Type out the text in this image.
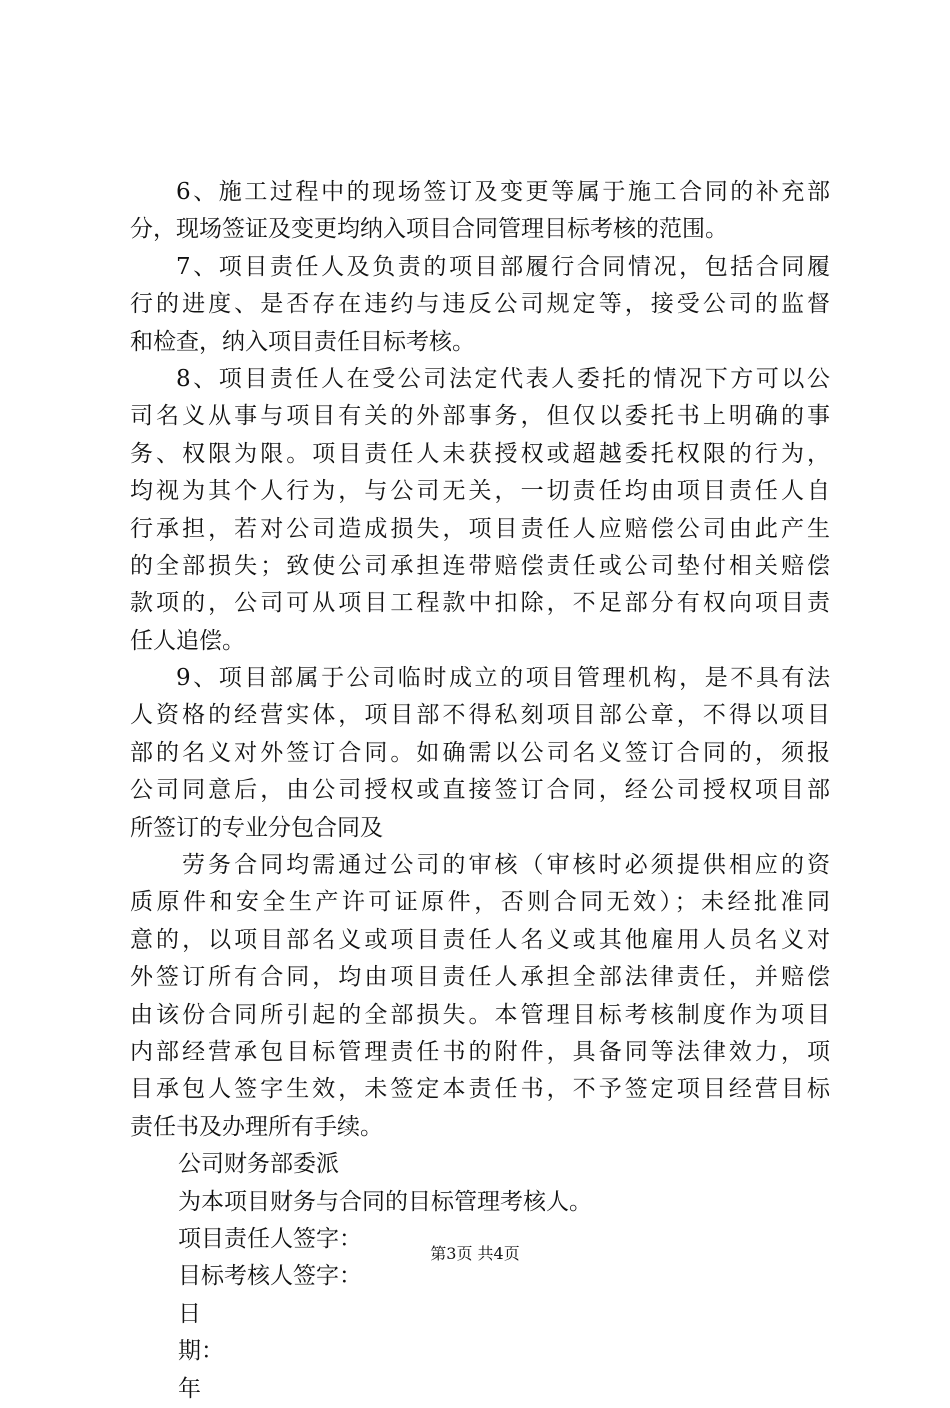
6、施工过程中的现场签订及变更等属于施工合同的补充部
分，现场签证及变更均纳入项目合同管理目标考核的范围。
7、项目责任人及负责的项目部履行合同情况，包括合同履
行的进度、是否存在违约与违反公司规定等，接受公司的监督
和检查，纳入项目责任目标考核。
8、项目责任人在受公司法定代表人委托的情况下方可以公
司名义从事与项目有关的外部事务，但仅以委托书上明确的事
务、权限为限。项目责任人未获授权或超越委托权限的行为，
均视为其个人行为，与公司无关，一切责任均由项目责任人自
行承担，若对公司造成损失，项目责任人应赔偿公司由此产生
的全部损失；致使公司承担连带赔偿责任或公司垫付相关赔偿
款项的，公司可从项目工程款中扣除，不足部分有权向项目责
任人追偿。
9、项目部属于公司临时成立的项目管理机构，是不具有法
人资格的经营实体，项目部不得私刻项目部公章，不得以项目
部的名义对外签订合同。如确需以公司名义签订合同的，须报
公司同意后，由公司授权或直接签订合同，经公司授权项目部
所签订的专业分包合同及
劳务合同均需通过公司的审核（审核时必须提供相应的资
质原件和安全生产许可证原件，否则合同无效）；未经批准同
意的，以项目部名义或项目责任人名义或其他雇用人员名义对
外签订所有合同，均由项目责任人承担全部法律责任，并赔偿
由该份合同所引起的全部损失。本管理目标考核制度作为项目
内部经营承包目标管理责任书的附件，具备同等法律效力，项
目承包人签字生效，未签定本责任书，不予签定项目经营目标
责任书及办理所有手续。
公司财务部委派
为本项目财务与合同的目标管理考核人。
项目责任人签字：
目标考核人签字：
日
期：
年
第3页 共4页
